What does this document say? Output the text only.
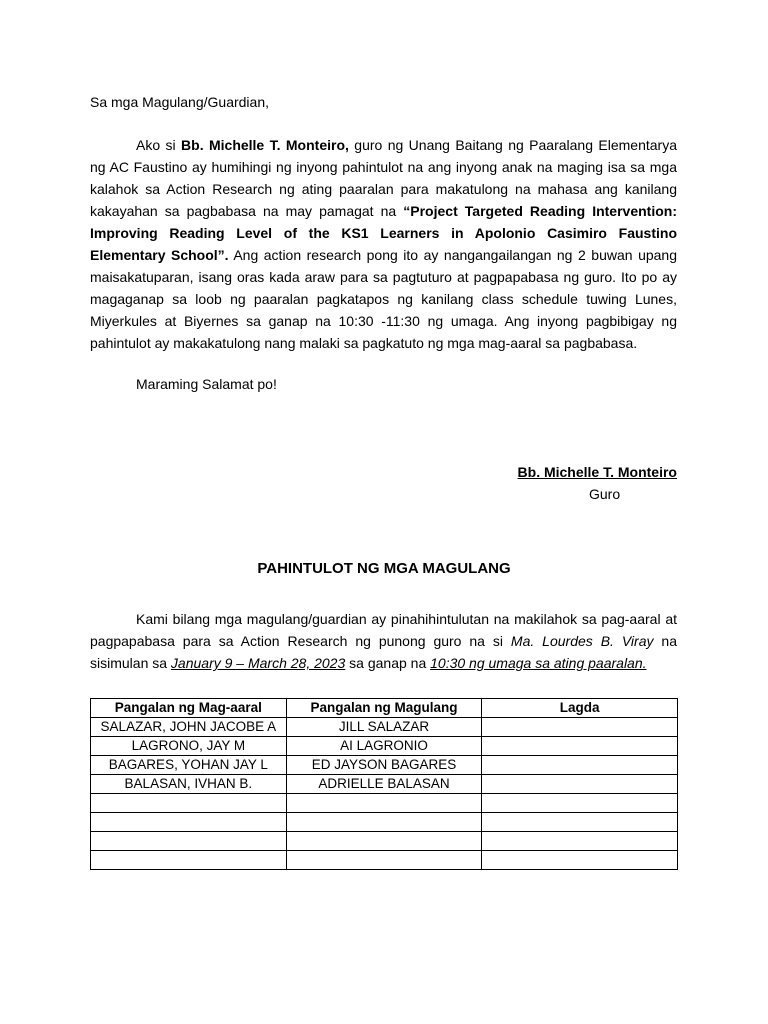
Sa mga Magulang/Guardian,

Ako si Bb. Michelle T. Monteiro, guro ng Unang Baitang ng Paaralang Elementarya ng AC Faustino ay humihingi ng inyong pahintulot na ang inyong anak na maging isa sa mga kalahok sa Action Research ng ating paaralan para makatulong na mahasa ang kanilang kakayahan sa pagbabasa na may pamagat na “Project Targeted Reading Intervention: Improving Reading Level of the KS1 Learners in Apolonio Casimiro Faustino Elementary School”. Ang action research pong ito ay nangangailangan ng 2 buwan upang maisakatuparan, isang oras kada araw para sa pagtuturo at pagpapabasa ng guro. Ito po ay magaganap sa loob ng paaralan pagkatapos ng kanilang class schedule tuwing Lunes, Miyerkules at Biyernes sa ganap na 10:30 -11:30 ng umaga. Ang inyong pagbibigay ng pahintulot ay makakatulong nang malaki sa pagkatuto ng mga mag-aaral sa pagbabasa.

Maraming Salamat po!
Bb. Michelle T. Monteiro
Guro
PAHINTULOT NG MGA MAGULANG

Kami bilang mga magulang/guardian ay pinahihintulutan na makilahok sa pag-aaral at pagpapabasa para sa Action Research ng punong guro na si Ma. Lourdes B. Viray na sisimulan sa January 9 – March 28, 2023 sa ganap na 10:30 ng umaga sa ating paaralan.

Pangalan ng Mag-aaral	Pangalan ng Magulang	Lagda
SALAZAR, JOHN JACOBE A	JILL SALAZAR	
LAGRONO, JAY M	AI LAGRONIO	
BAGARES, YOHAN JAY L	ED JAYSON BAGARES	
BALASAN, IVHAN B.	ADRIELLE BALASAN	
